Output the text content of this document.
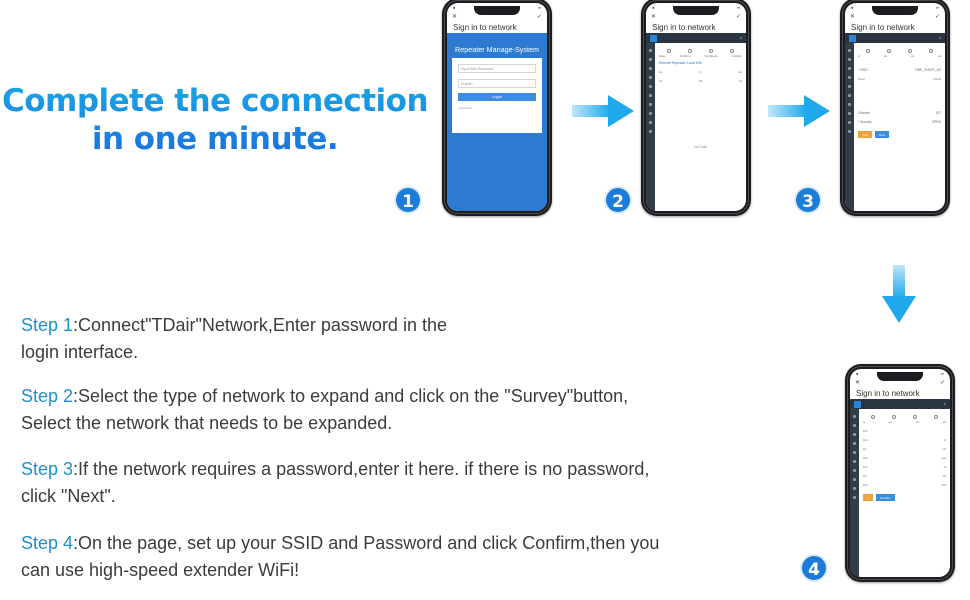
Complete the connection
in one minute.
●	▪▪
✕	✓
Sign in to network
Repeater Manage-System
Input Web Password
English
Login
▪▪▪▪▪▪▪▪▪▪▪▪▪
●	▪▪
✕	✓
Sign in to network
≡
Scan	Confirm	Configure	Confirm
Remote Repeater Local Wifi
▪▪▪	▪▪	▪▪▪
▪▪▪	▪▪▪	▪▪▪
No Data
●	▪▪
✕	✓
Sign in to network
≡
▪▪	▪▪▪	▪▪▪	▪▪▪
* SSID	FINE_GUEST_5G
▪▪▪▪▪▪	▪▪▪▪▪▪▪
Channel	157
* Security	OPEN
Prev	Next
●	▪▪
✕	✓
Sign in to network
≡
▪▪	▪▪▪	▪▪▪	▪▪▪
▪▪▪▪
▪▪▪▪	▪▪
▪▪▪	▪▪▪
▪▪▪▪	▪▪▪▪
▪▪▪▪	▪▪
▪▪▪	▪▪▪
▪▪▪▪	▪▪▪▪
▪▪	Confirm
1	2	3
4
Step 1:Connect"TDair"Network,Enter password in the
login interface.
Step 2:Select the type of network to expand and click on the "Survey"button,
Select the network that needs to be expanded.
Step 3:If the network requires a password,enter it here. if there is no password,
click "Next".
Step 4:On the page, set up your SSID and Password and click Confirm,then you
can use high-speed extender WiFi!
